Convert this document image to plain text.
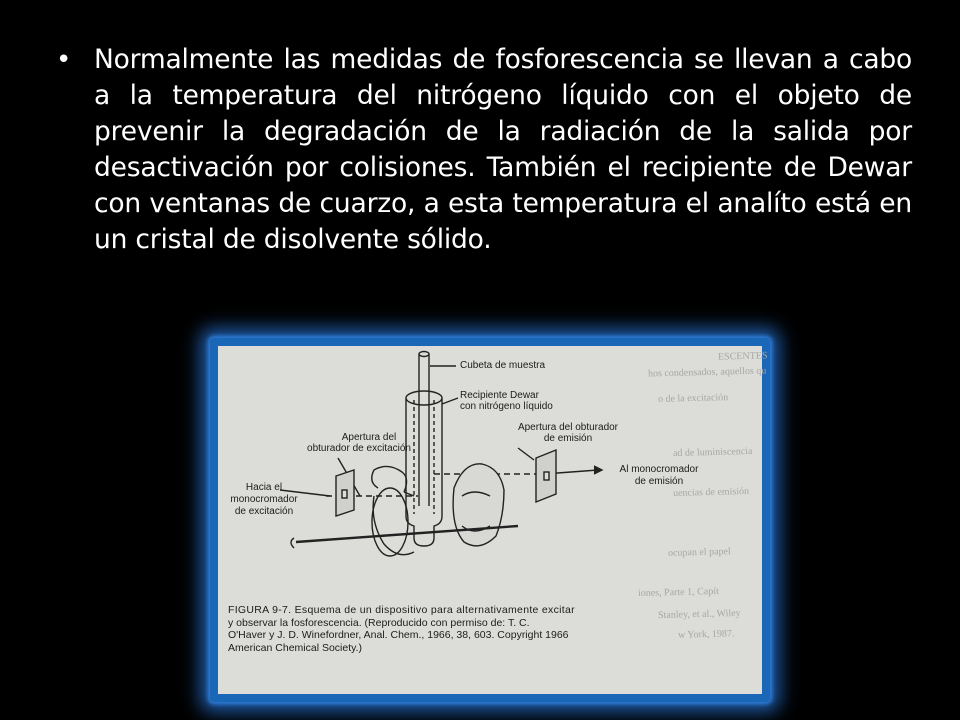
• Normalmente las medidas de fosforescencia se llevan a cabo a la temperatura del nitrógeno líquido con el objeto de prevenir la degradación de la radiación de la salida por desactivación por colisiones. También el recipiente de Dewar con ventanas de cuarzo, a esta temperatura el analíto está en un cristal de disolvente sólido.
ESCENTES
hos condensados, aquellos qu
o de la excitación
ad de luminiscencia
uencias de emisión
ocupan el papel
iones, Parte 1, Capít
Stanley, et al., Wiley
w York, 1987.
Cubeta de muestra
Recipiente Dewar
con nitrógeno líquido
Apertura del
obturador de excitación
Apertura del obturador
de emisión
Hacia el
monocromador
de excitación
Al monocromador
de emisión
FIGURA 9-7. Esquema de un dispositivo para alternativamente excitar
y observar la fosforescencia. (Reproducido con permiso de: T. C.
O'Haver y J. D. Winefordner, Anal. Chem., 1966, 38, 603. Copyright 1966
American Chemical Society.)
